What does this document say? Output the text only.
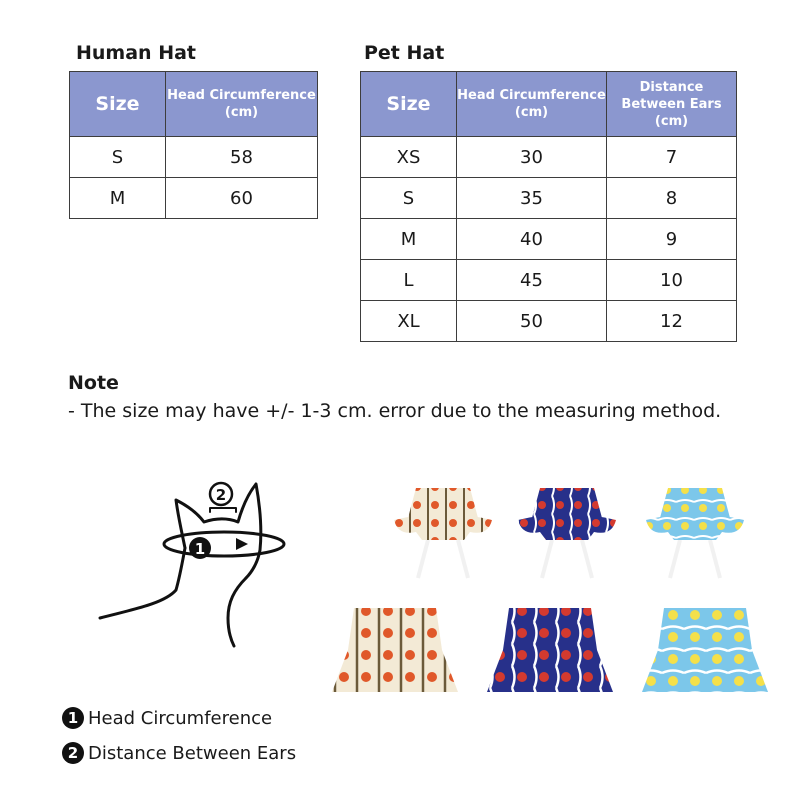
Human Hat
Size	Head Circumference (cm)
S	58
M	60
Pet Hat
Size	Head Circumference (cm)	Distance Between Ears (cm)
XS	30	7
S	35	8
M	40	9
L	45	10
XL	50	12
Note
- The size may have +/- 1-3 cm. error due to the measuring method.
1
2
1 Head Circumference
2 Distance Between Ears
